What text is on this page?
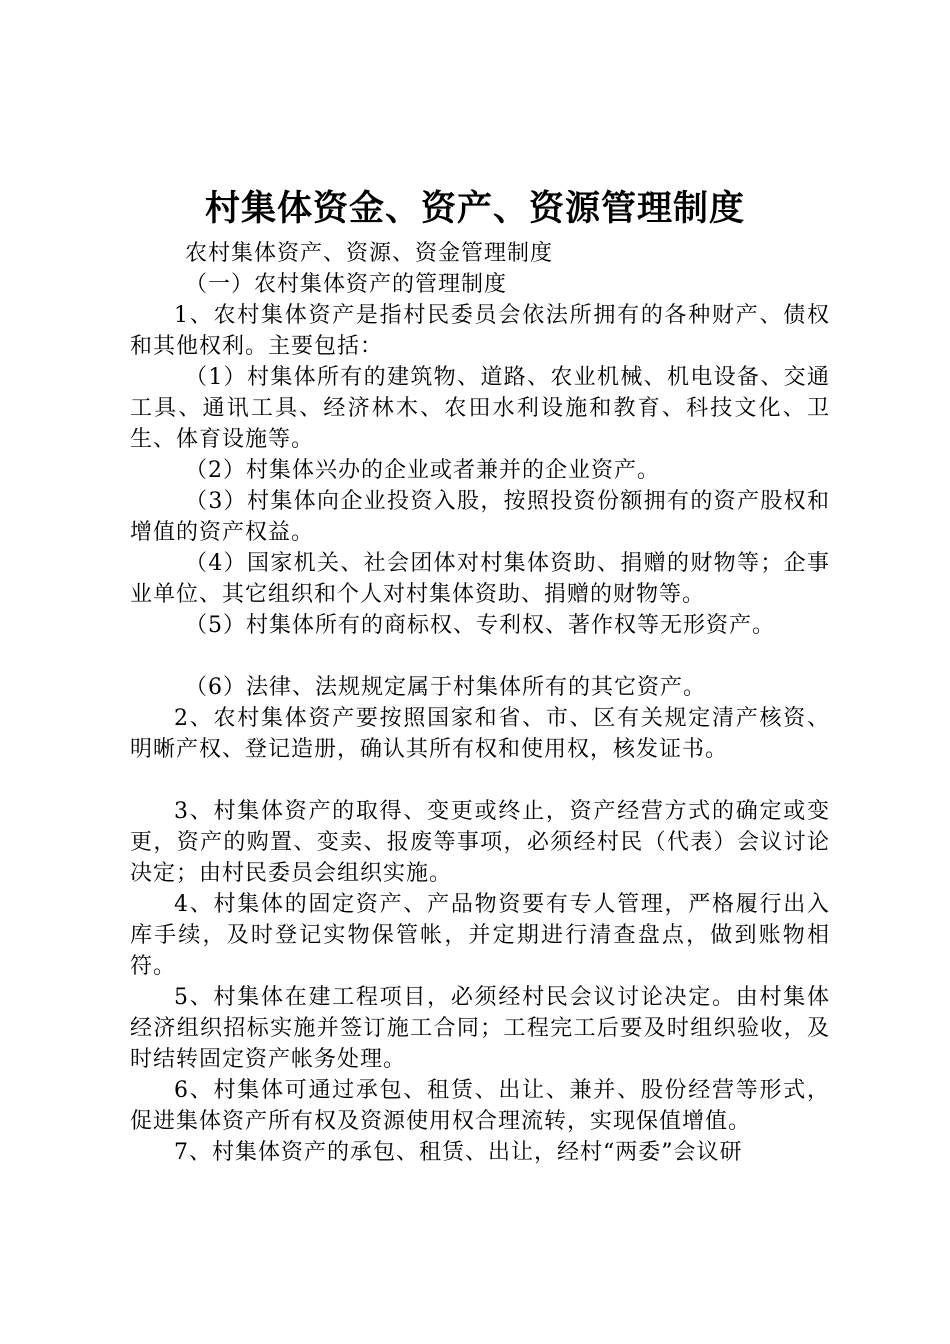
村集体资金、资产、资源管理制度

农村集体资产、资源、资金管理制度

（一）农村集体资产的管理制度

1、农村集体资产是指村民委员会依法所拥有的各种财产、债权和其他权利。主要包括：

（1）村集体所有的建筑物、道路、农业机械、机电设备、交通工具、通讯工具、经济林木、农田水利设施和教育、科技文化、卫生、体育设施等。

（2）村集体兴办的企业或者兼并的企业资产。

（3）村集体向企业投资入股，按照投资份额拥有的资产股权和增值的资产权益。

（4）国家机关、社会团体对村集体资助、捐赠的财物等；企事业单位、其它组织和个人对村集体资助、捐赠的财物等。

（5）村集体所有的商标权、专利权、著作权等无形资产。

（6）法律、法规规定属于村集体所有的其它资产。

2、农村集体资产要按照国家和省、市、区有关规定清产核资、明晰产权、登记造册，确认其所有权和使用权，核发证书。

3、村集体资产的取得、变更或终止，资产经营方式的确定或变更，资产的购置、变卖、报废等事项，必须经村民（代表）会议讨论决定；由村民委员会组织实施。

4、村集体的固定资产、产品物资要有专人管理，严格履行出入库手续，及时登记实物保管帐，并定期进行清查盘点，做到账物相符。

5、村集体在建工程项目，必须经村民会议讨论决定。由村集体经济组织招标实施并签订施工合同；工程完工后要及时组织验收，及时结转固定资产帐务处理。

6、村集体可通过承包、租赁、出让、兼并、股份经营等形式，促进集体资产所有权及资源使用权合理流转，实现保值增值。

7、村集体资产的承包、租赁、出让，经村“两委”会议研
